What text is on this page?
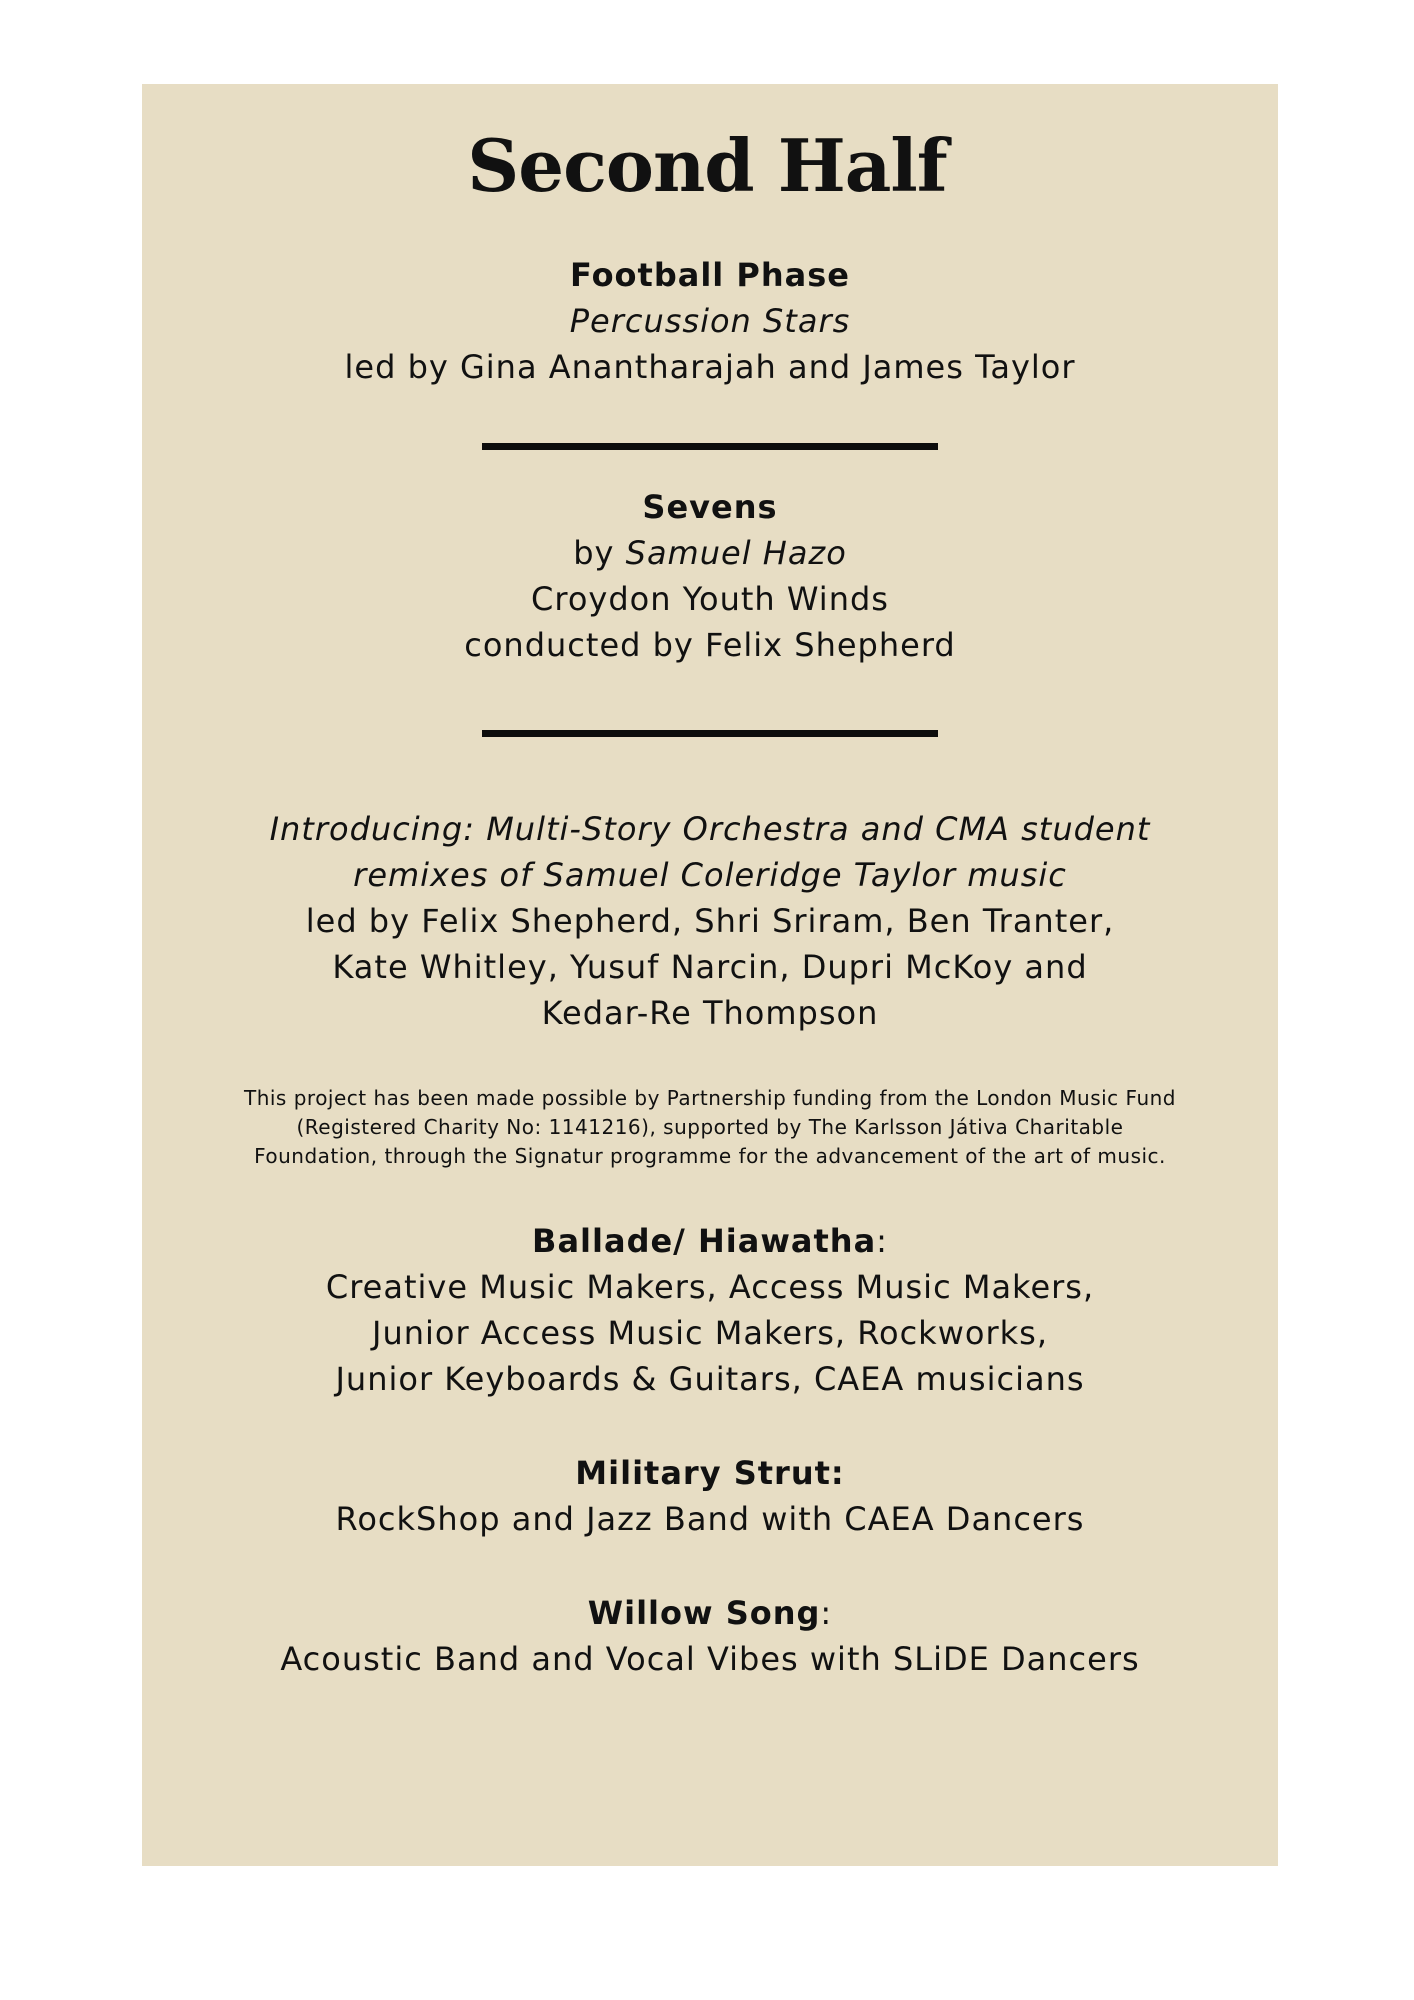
Second Half
Football Phase
Percussion Stars
led by Gina Anantharajah and James Taylor
Sevens
by Samuel Hazo
Croydon Youth Winds
conducted by Felix Shepherd
Introducing: Multi-Story Orchestra and CMA student
remixes of Samuel Coleridge Taylor music
led by Felix Shepherd, Shri Sriram, Ben Tranter,
Kate Whitley, Yusuf Narcin, Dupri McKoy and
Kedar-Re Thompson
This project has been made possible by Partnership funding from the London Music Fund
(Registered Charity No: 1141216), supported by The Karlsson Játiva Charitable
Foundation, through the Signatur programme for the advancement of the art of music.
Ballade/ Hiawatha:
Creative Music Makers, Access Music Makers,
Junior Access Music Makers, Rockworks,
Junior Keyboards & Guitars, CAEA musicians
Military Strut:
RockShop and Jazz Band with CAEA Dancers
Willow Song:
Acoustic Band and Vocal Vibes with SLiDE Dancers
